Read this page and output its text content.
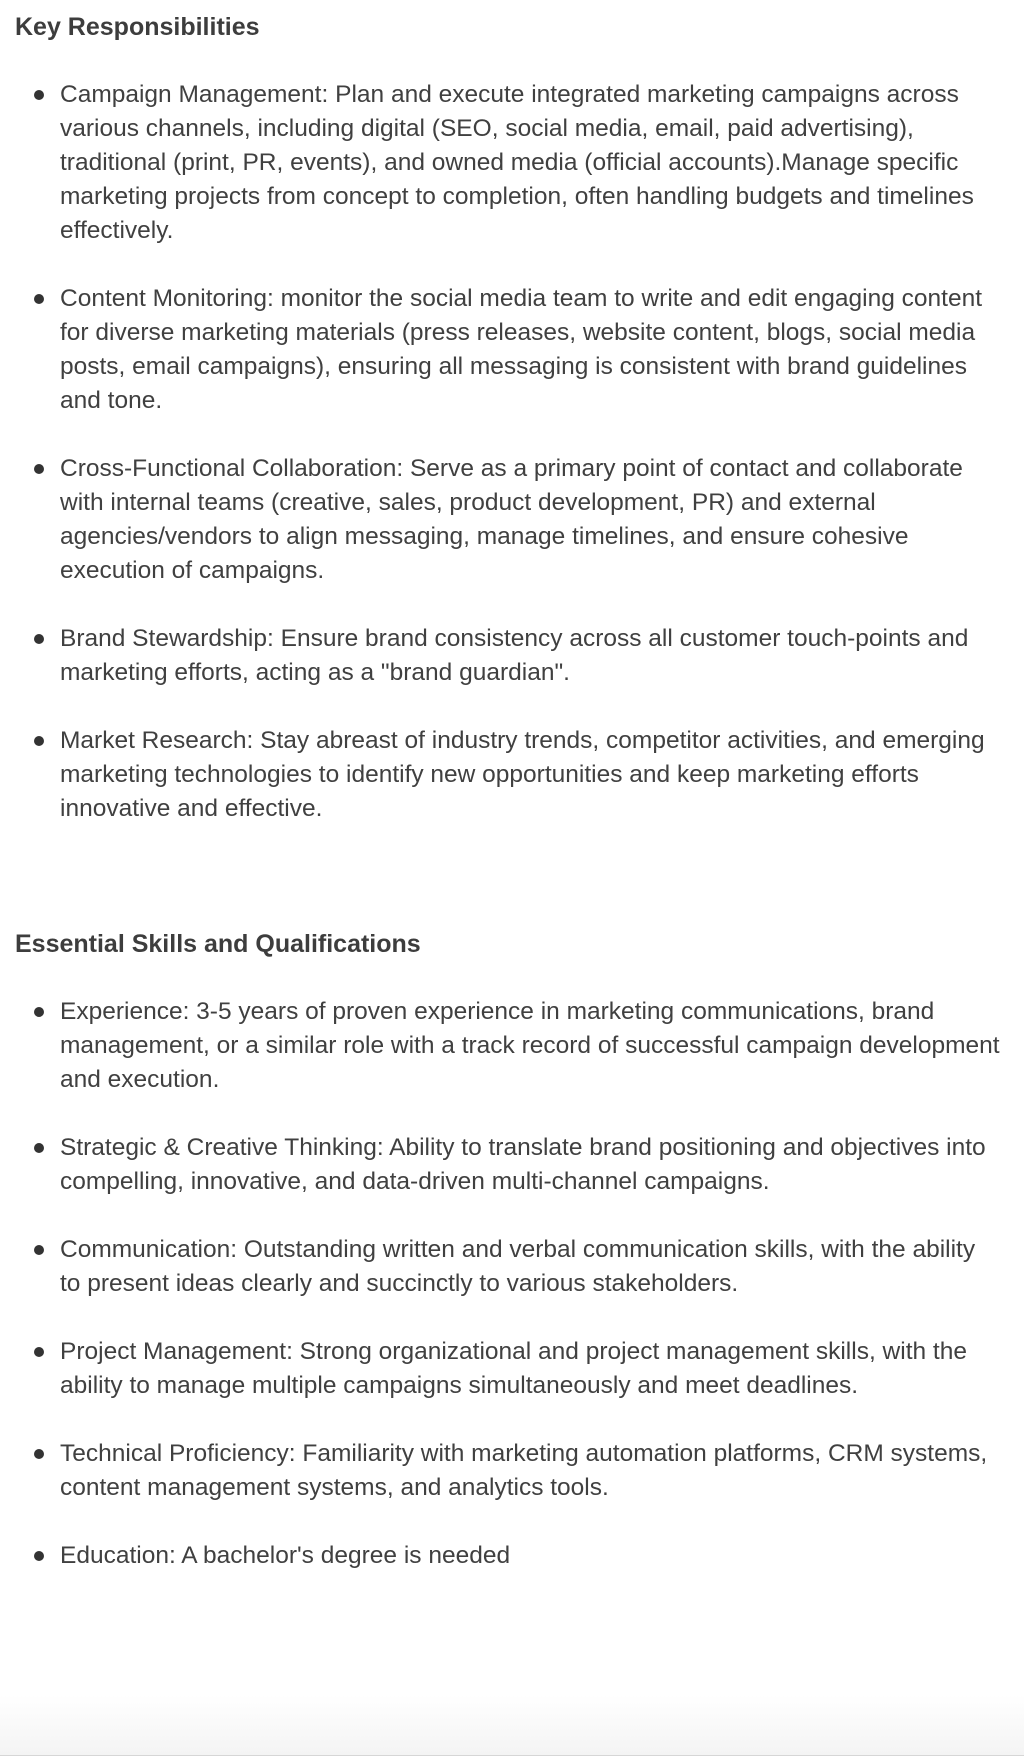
Key Responsibilities
Campaign Management: Plan and execute integrated marketing campaigns across various channels, including digital (SEO, social media, email, paid advertising), traditional (print, PR, events), and owned media (official accounts).Manage specific marketing projects from concept to completion, often handling budgets and timelines effectively.
Content Monitoring: monitor the social media team to write and edit engaging content for diverse marketing materials (press releases, website content, blogs, social media posts, email campaigns), ensuring all messaging is consistent with brand guidelines and tone.
Cross-Functional Collaboration: Serve as a primary point of contact and collaborate with internal teams (creative, sales, product development, PR) and external agencies/vendors to align messaging, manage timelines, and ensure cohesive execution of campaigns.
Brand Stewardship: Ensure brand consistency across all customer touch-points and marketing efforts, acting as a "brand guardian".
Market Research: Stay abreast of industry trends, competitor activities, and emerging marketing technologies to identify new opportunities and keep marketing efforts innovative and effective.
Essential Skills and Qualifications
Experience: 3-5 years of proven experience in marketing communications, brand management, or a similar role with a track record of successful campaign development and execution.
Strategic & Creative Thinking: Ability to translate brand positioning and objectives into compelling, innovative, and data-driven multi-channel campaigns.
Communication: Outstanding written and verbal communication skills, with the ability to present ideas clearly and succinctly to various stakeholders.
Project Management: Strong organizational and project management skills, with the ability to manage multiple campaigns simultaneously and meet deadlines.
Technical Proficiency: Familiarity with marketing automation platforms, CRM systems, content management systems, and analytics tools.
Education: A bachelor's degree is needed
